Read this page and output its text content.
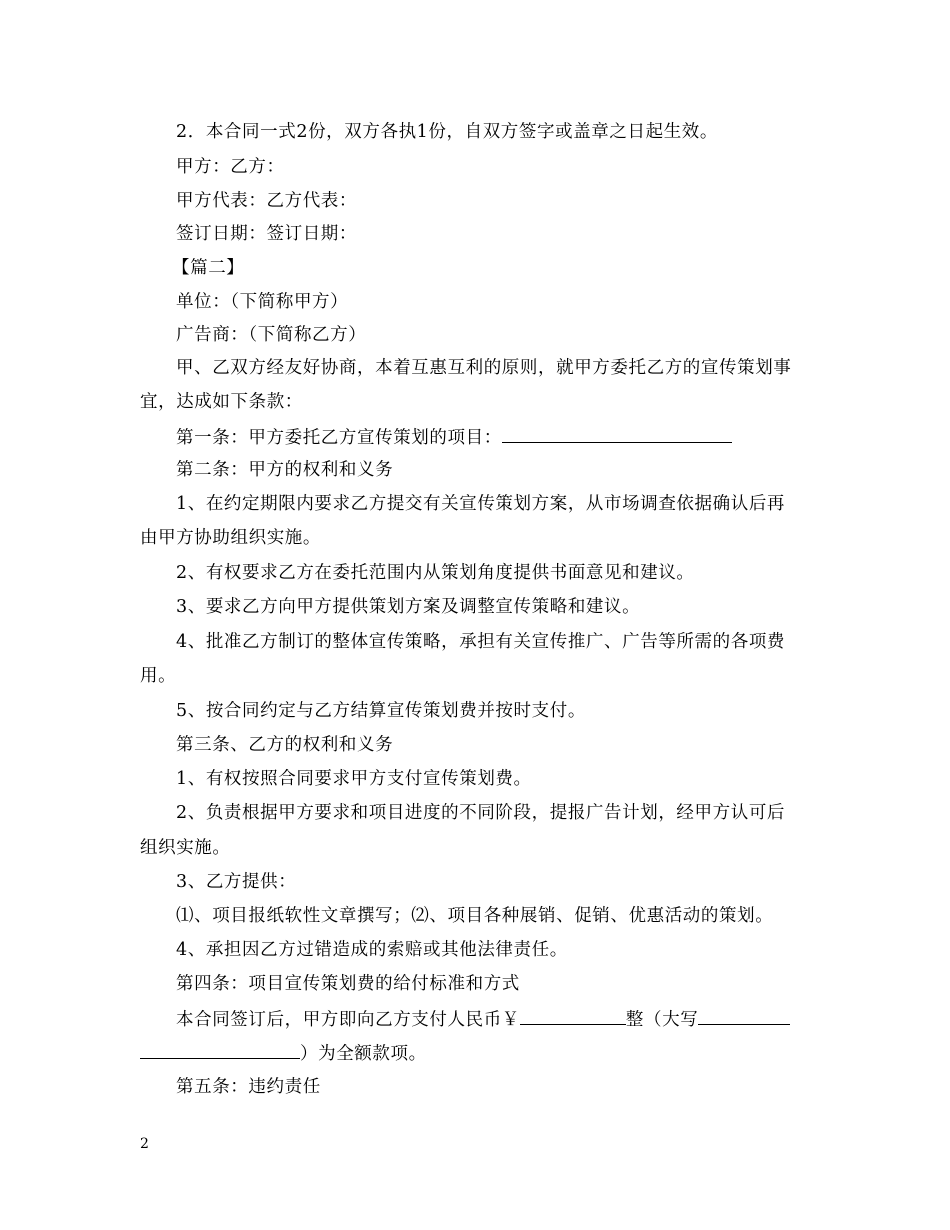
2．本合同一式2份，双方各执1份，自双方签字或盖章之日起生效。
甲方：乙方：
甲方代表：乙方代表：
签订日期：签订日期：
【篇二】
单位：（下简称甲方）
广告商：（下简称乙方）
甲、乙双方经友好协商，本着互惠互利的原则，就甲方委托乙方的宣传策划事
宜，达成如下条款：
第一条：甲方委托乙方宣传策划的项目：
第二条：甲方的权利和义务
1、在约定期限内要求乙方提交有关宣传策划方案，从市场调查依据确认后再
由甲方协助组织实施。
2、有权要求乙方在委托范围内从策划角度提供书面意见和建议。
3、要求乙方向甲方提供策划方案及调整宣传策略和建议。
4、批准乙方制订的整体宣传策略，承担有关宣传推广、广告等所需的各项费
用。
5、按合同约定与乙方结算宣传策划费并按时支付。
第三条、乙方的权利和义务
1、有权按照合同要求甲方支付宣传策划费。
2、负责根据甲方要求和项目进度的不同阶段，提报广告计划，经甲方认可后
组织实施。
3、乙方提供：
⑴、项目报纸软性文章撰写；⑵、项目各种展销、促销、优惠活动的策划。
4、承担因乙方过错造成的索赔或其他法律责任。
第四条：项目宣传策划费的给付标准和方式
本合同签订后，甲方即向乙方支付人民币￥	整（大写
）为全额款项。
第五条：违约责任
2
